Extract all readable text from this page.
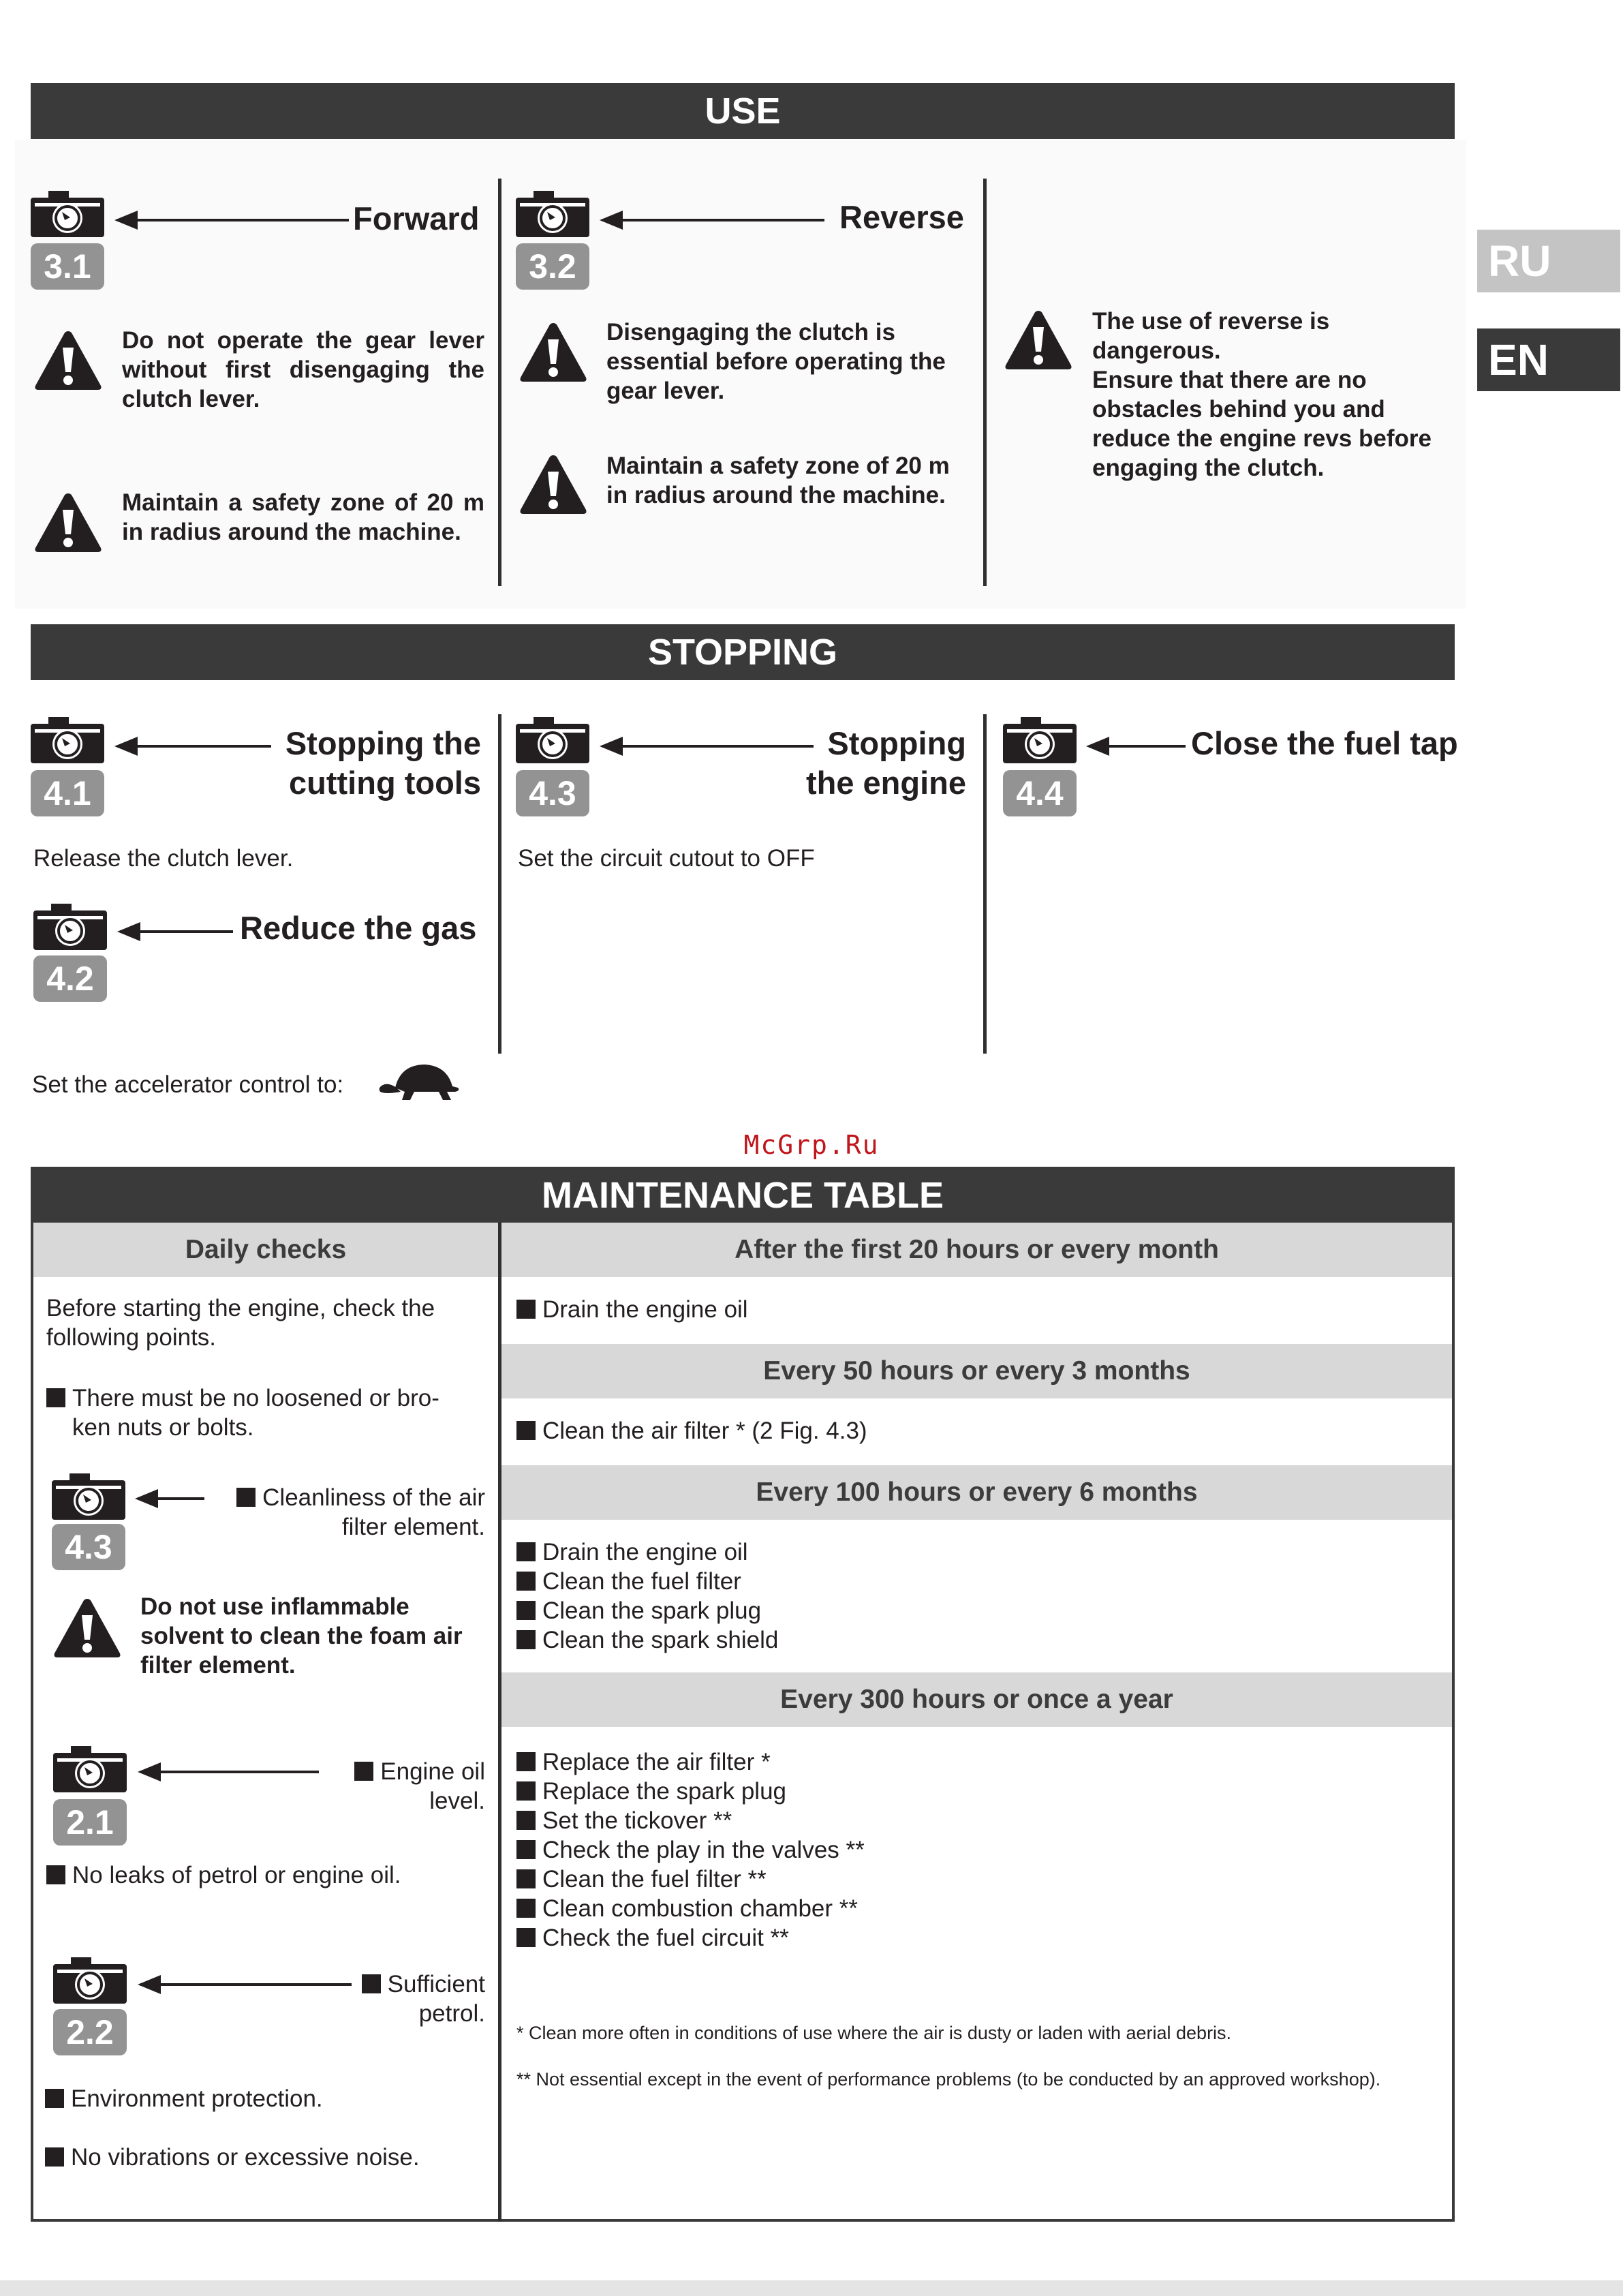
RU
EN
USE
3.1
Forward
Do not operate the gear lever without first disengaging the clutch lever.
Maintain a safety zone of 20 m in radius around the machine.
3.2
Reverse
Disengaging the clutch is essential before operating the gear lever.
Maintain a safety zone of 20 m in radius around the machine.
The use of reverse is dangerous.
Ensure that there are no obstacles behind you and reduce the engine revs before engaging the clutch.
STOPPING
4.1
Stopping the
cutting tools
Release the clutch lever.
4.2
Reduce the gas
Set the accelerator control to:
4.3
Stopping
the engine
Set the circuit cutout to OFF
4.4
Close the fuel tap
McGrp.Ru
MAINTENANCE TABLE
Daily checks
Before starting the engine, check the following points.
There must be no loosened or bro-
ken nuts or bolts.
4.3
Cleanliness of the air
filter element.
Do not use inflammable solvent to clean the foam air filter element.
2.1
Engine oil
level.
No leaks of petrol or engine oil.
2.2
Sufficient
petrol.
Environment protection.
No vibrations or excessive noise.
After the first 20 hours or every month
Drain the engine oil
Every 50 hours or every 3 months
Clean the air filter * (2 Fig. 4.3)
Every 100 hours or every 6 months
Drain the engine oil
Clean the fuel filter
Clean the spark plug
Clean the spark shield
Every 300 hours or once a year
Replace the air filter *
Replace the spark plug
Set the tickover **
Check the play in the valves **
Clean the fuel filter **
Clean combustion chamber **
Check the fuel circuit **
* Clean more often in conditions of use where the air is dusty or laden with aerial debris.
** Not essential except in the event of performance problems (to be conducted by an approved workshop).
